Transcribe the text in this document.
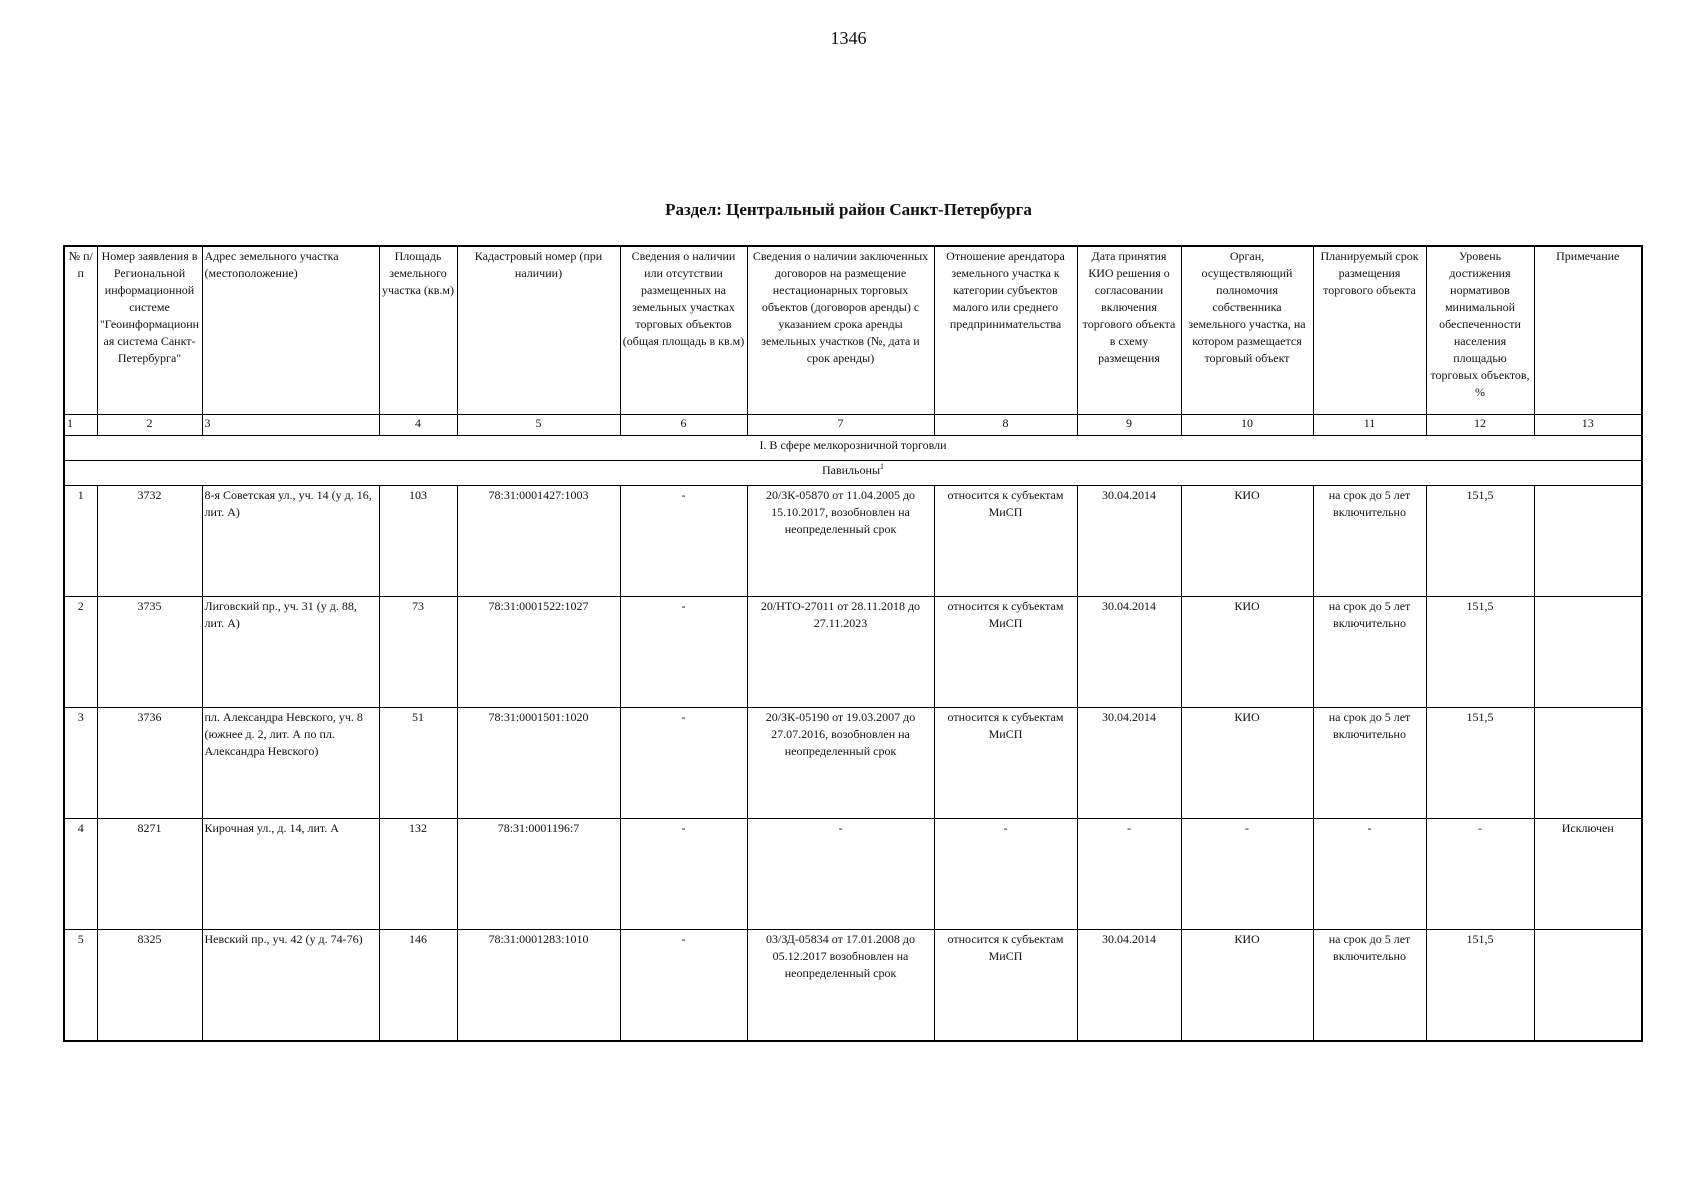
1346
Раздел: Центральный район Санкт-Петербурга
№ п/п	Номер заявления в Региональной информационной системе "Геоинформационная система Санкт-Петербурга"	Адрес земельного участка (местоположение)	Площадь земельного участка (кв.м)	Кадастровый номер (при наличии)	Сведения о наличии или отсутствии размещенных на земельных участках торговых объектов (общая площадь в кв.м)	Сведения о наличии заключенных договоров на размещение нестационарных торговых объектов (договоров аренды) с указанием срока аренды земельных участков (№, дата и срок аренды)	Отношение арендатора земельного участка к категории субъектов малого или среднего предпринимательства	Дата принятия КИО решения о согласовании включения торгового объекта в схему размещения	Орган, осуществляющий полномочия собственника земельного участка, на котором размещается торговый объект	Планируемый срок размещения торгового объекта	Уровень достижения нормативов минимальной обеспеченности населения площадью торговых объектов, %	Примечание
1	2	3	4	5	6	7	8	9	10	11	12	13
I. В сфере мелкорозничной торговли												
Павильоны$^1$
1	3732	8-я Советская ул., уч. 14 (у д. 16, лит. А)	103	78:31:0001427:1003	-	20/ЗК-05870 от 11.04.2005 до 15.10.2017, возобновлен на неопределенный срок	относится к субъектам МиСП	30.04.2014	КИО	на срок до 5 лет включительно	151,5	
2	3735	Лиговский пр., уч. 31 (у д. 88, лит. А)	73	78:31:0001522:1027	-	20/НТО-27011 от 28.11.2018 до 27.11.2023	относится к субъектам МиСП	30.04.2014	КИО	на срок до 5 лет включительно	151,5	
3	3736	пл. Александра Невского, уч. 8 (южнее д. 2, лит. А по пл. Александра Невского)	51	78:31:0001501:1020	-	20/ЗК-05190 от 19.03.2007 до 27.07.2016, возобновлен на неопределенный срок	относится к субъектам МиСП	30.04.2014	КИО	на срок до 5 лет включительно	151,5	
4	8271	Кирочная ул., д. 14, лит. А	132	78:31:0001196:7	-	-	-	-	-	-	-	Исключен
5	8325	Невский пр., уч. 42 (у д. 74-76)	146	78:31:0001283:1010	-	03/ЗД-05834 от 17.01.2008 до 05.12.2017 возобновлен на неопределенный срок	относится к субъектам МиСП	30.04.2014	КИО	на срок до 5 лет включительно	151,5	
